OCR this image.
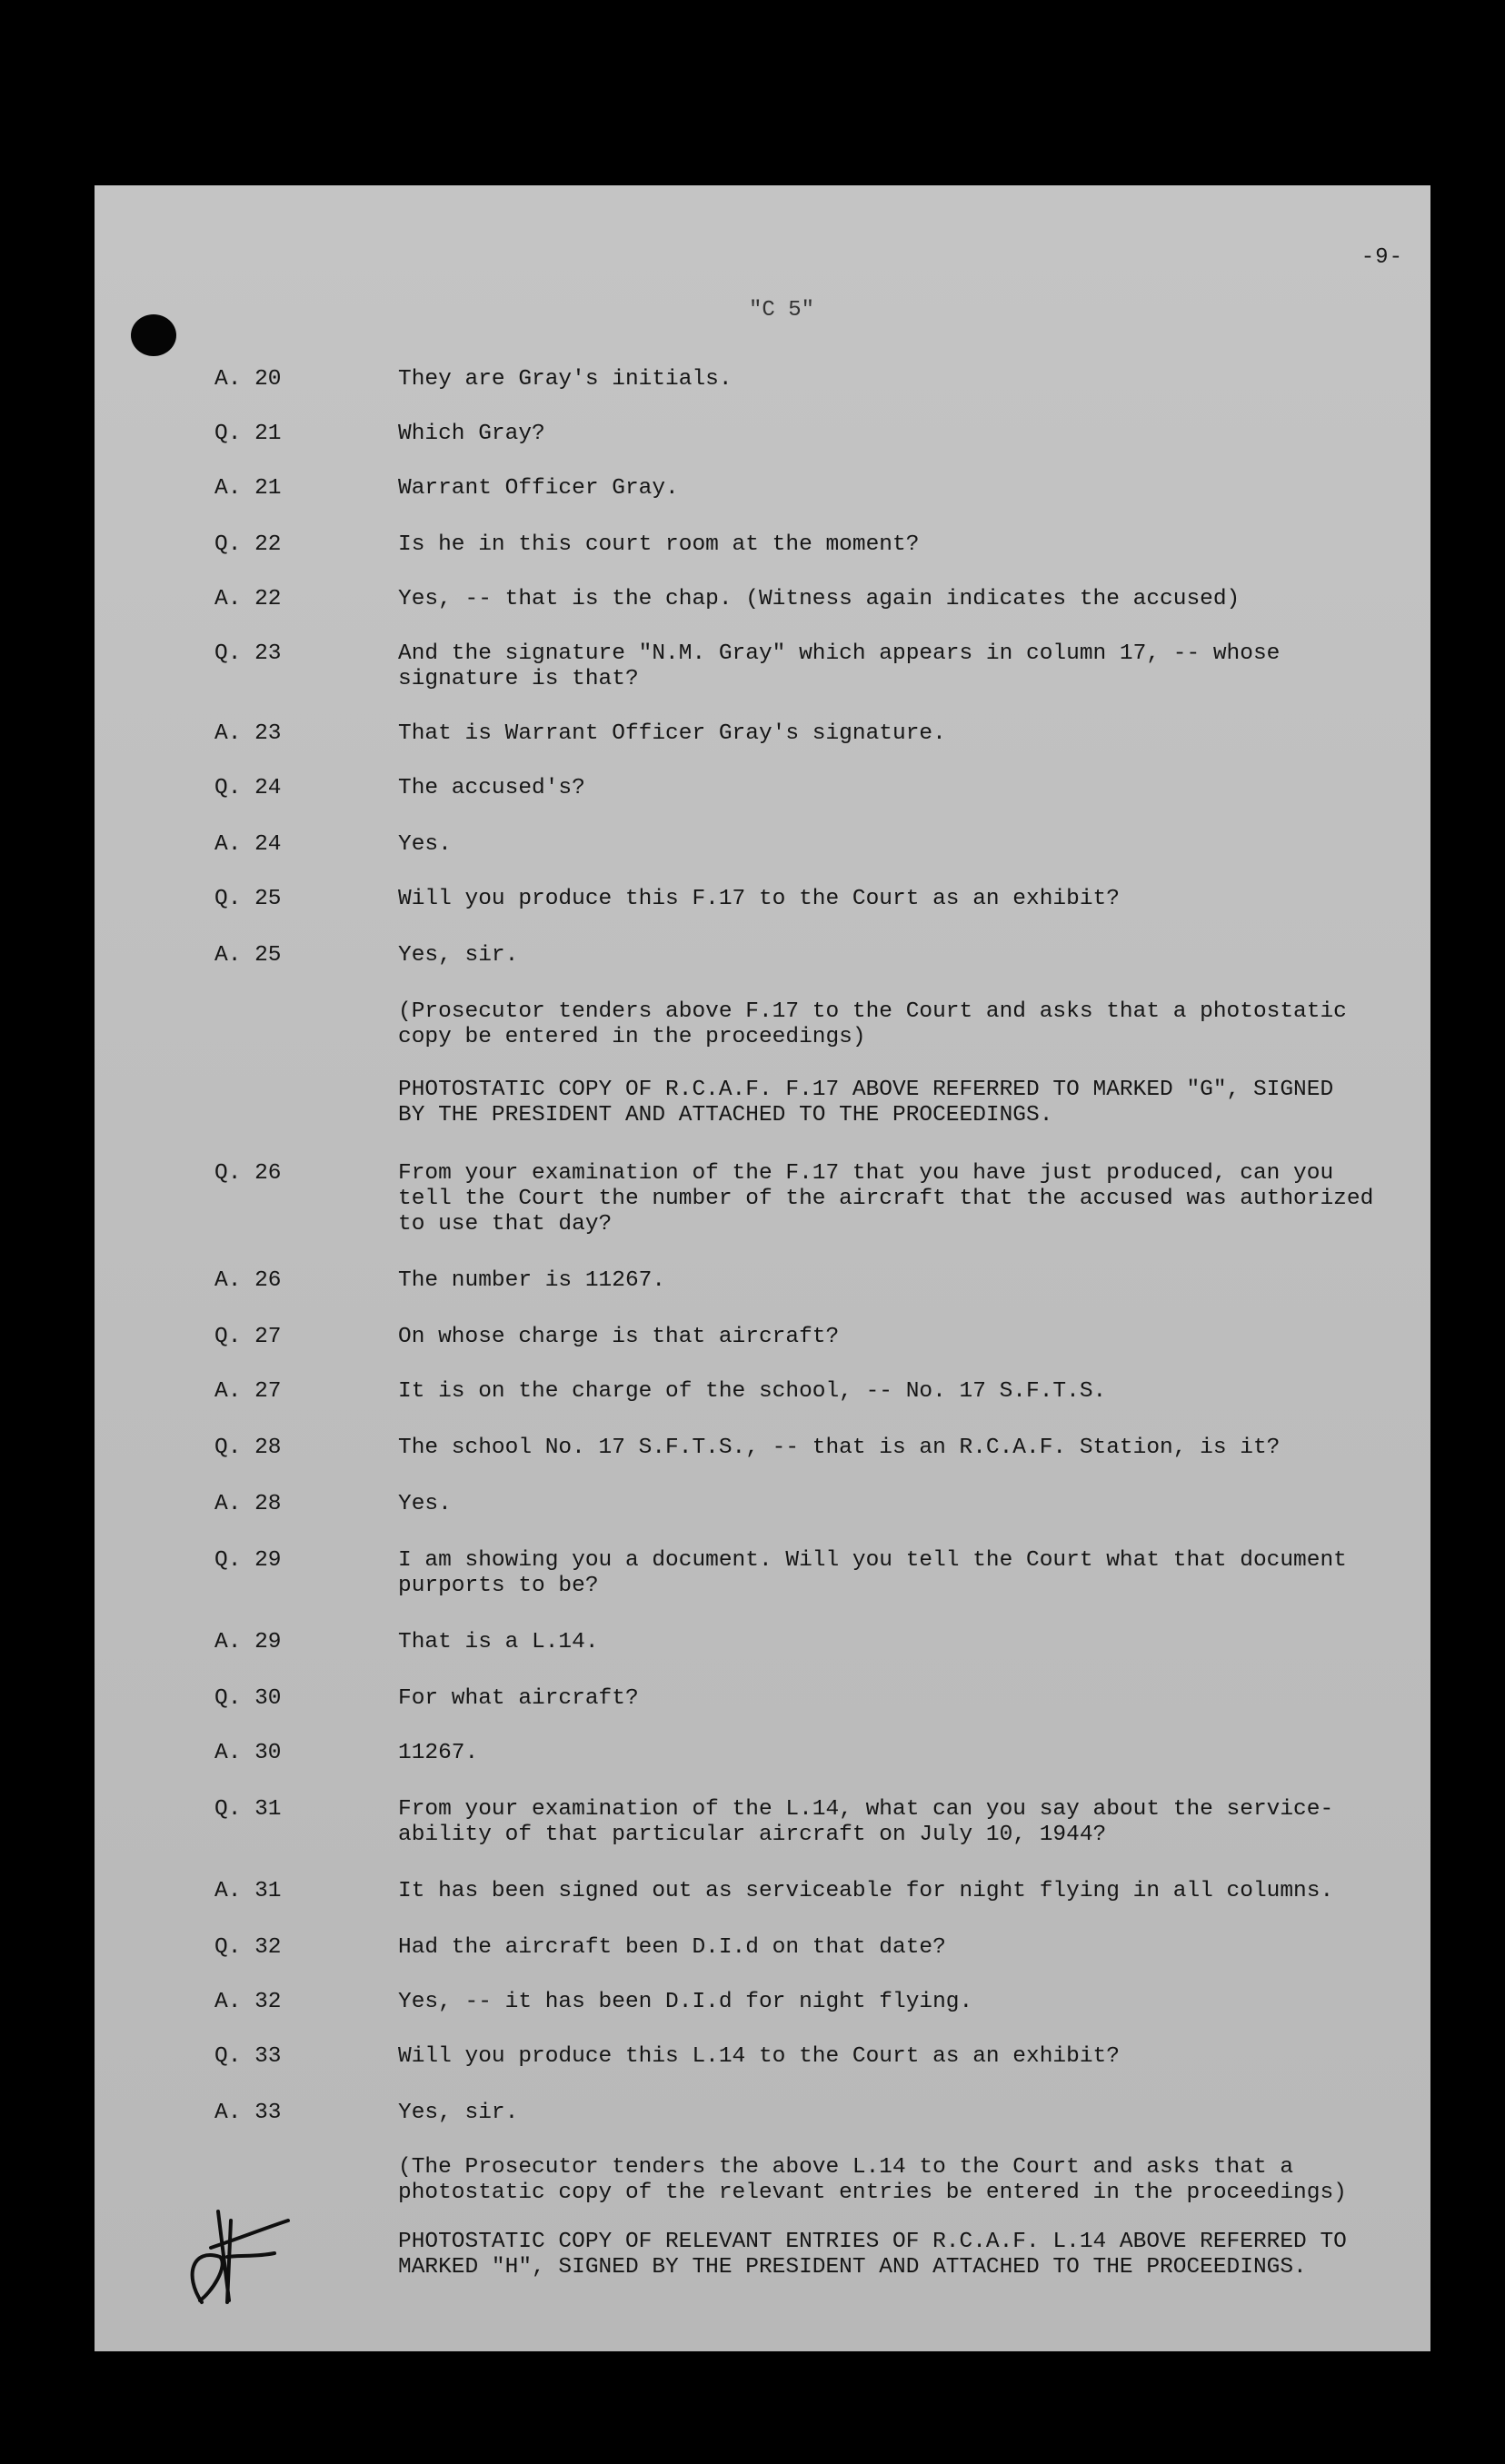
-9-
"C 5"
A. 20	They are Gray's initials.
Q. 21	Which Gray?
A. 21	Warrant Officer Gray.
Q. 22	Is he in this court room at the moment?
A. 22	Yes, -- that is the chap. (Witness again indicates the accused)
Q. 23	And the signature "N.M. Gray" which appears in column 17, -- whose
signature is that?
A. 23	That is Warrant Officer Gray's signature.
Q. 24	The accused's?
A. 24	Yes.
Q. 25	Will you produce this F.17 to the Court as an exhibit?
A. 25	Yes, sir.
(Prosecutor tenders above F.17 to the Court and asks that a photostatic
copy be entered in the proceedings)
PHOTOSTATIC COPY OF R.C.A.F. F.17 ABOVE REFERRED TO MARKED "G", SIGNED
BY THE PRESIDENT AND ATTACHED TO THE PROCEEDINGS.
Q. 26	From your examination of the F.17 that you have just produced, can you
tell the Court the number of the aircraft that the accused was authorized
to use that day?
A. 26	The number is 11267.
Q. 27	On whose charge is that aircraft?
A. 27	It is on the charge of the school, -- No. 17 S.F.T.S.
Q. 28	The school No. 17 S.F.T.S., -- that is an R.C.A.F. Station, is it?
A. 28	Yes.
Q. 29	I am showing you a document. Will you tell the Court what that document
purports to be?
A. 29	That is a L.14.
Q. 30	For what aircraft?
A. 30	11267.
Q. 31	From your examination of the L.14, what can you say about the service-
ability of that particular aircraft on July 10, 1944?
A. 31	It has been signed out as serviceable for night flying in all columns.
Q. 32	Had the aircraft been D.I.d on that date?
A. 32	Yes, -- it has been D.I.d for night flying.
Q. 33	Will you produce this L.14 to the Court as an exhibit?
A. 33	Yes, sir.
(The Prosecutor tenders the above L.14 to the Court and asks that a
photostatic copy of the relevant entries be entered in the proceedings)
PHOTOSTATIC COPY OF RELEVANT ENTRIES OF R.C.A.F. L.14 ABOVE REFERRED TO
MARKED "H", SIGNED BY THE PRESIDENT AND ATTACHED TO THE PROCEEDINGS.
